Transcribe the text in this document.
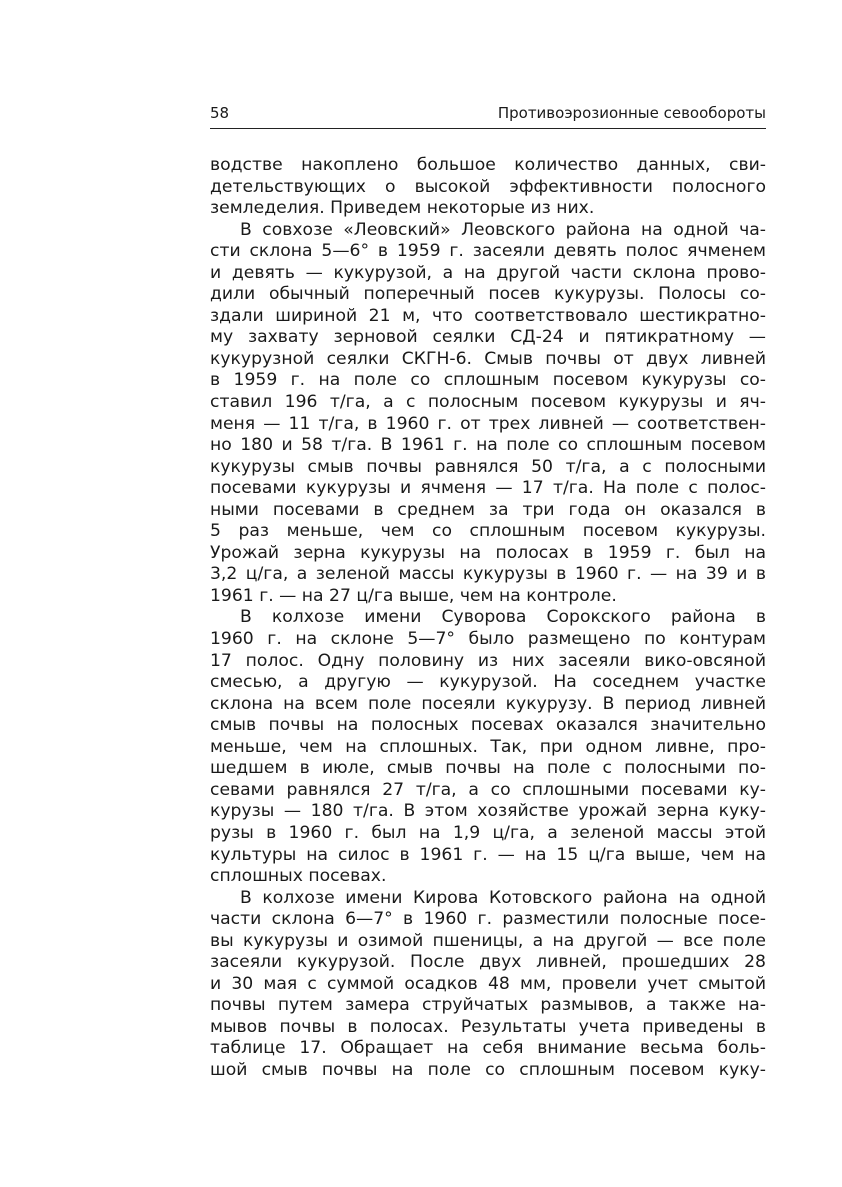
58	Противоэрозионные севообороты
водстве накоплено большое количество данных, сви-
детельствующих о высокой эффективности полосного
земледелия. Приведем некоторые из них.
В совхозе «Леовский» Леовского района на одной ча-
сти склона 5—6° в 1959 г. засеяли девять полос ячменем
и девять — кукурузой, а на другой части склона прово-
дили обычный поперечный посев кукурузы. Полосы со-
здали шириной 21 м, что соответствовало шестикратно-
му захвату зерновой сеялки СД-24 и пятикратному —
кукурузной сеялки СКГН-6. Смыв почвы от двух ливней
в 1959 г. на поле со сплошным посевом кукурузы со-
ставил 196 т/га, а с полосным посевом кукурузы и яч-
меня — 11 т/га, в 1960 г. от трех ливней — соответствен-
но 180 и 58 т/га. В 1961 г. на поле со сплошным посевом
кукурузы смыв почвы равнялся 50 т/га, а с полосными
посевами кукурузы и ячменя — 17 т/га. На поле с полос-
ными посевами в среднем за три года он оказался в
5 раз меньше, чем со сплошным посевом кукурузы.
Урожай зерна кукурузы на полосах в 1959 г. был на
3,2 ц/га, а зеленой массы кукурузы в 1960 г. — на 39 и в
1961 г. — на 27 ц/га выше, чем на контроле.
В колхозе имени Суворова Сорокского района в
1960 г. на склоне 5—7° было размещено по контурам
17 полос. Одну половину из них засеяли вико-овсяной
смесью, а другую — кукурузой. На соседнем участке
склона на всем поле посеяли кукурузу. В период ливней
смыв почвы на полосных посевах оказался значительно
меньше, чем на сплошных. Так, при одном ливне, про-
шедшем в июле, смыв почвы на поле с полосными по-
севами равнялся 27 т/га, а со сплошными посевами ку-
курузы — 180 т/га. В этом хозяйстве урожай зерна куку-
рузы в 1960 г. был на 1,9 ц/га, а зеленой массы этой
культуры на силос в 1961 г. — на 15 ц/га выше, чем на
сплошных посевах.
В колхозе имени Кирова Котовского района на одной
части склона 6—7° в 1960 г. разместили полосные посе-
вы кукурузы и озимой пшеницы, а на другой — все поле
засеяли кукурузой. После двух ливней, прошедших 28
и 30 мая с суммой осадков 48 мм, провели учет смытой
почвы путем замера струйчатых размывов, а также на-
мывов почвы в полосах. Результаты учета приведены в
таблице 17. Обращает на себя внимание весьма боль-
шой смыв почвы на поле со сплошным посевом куку-
